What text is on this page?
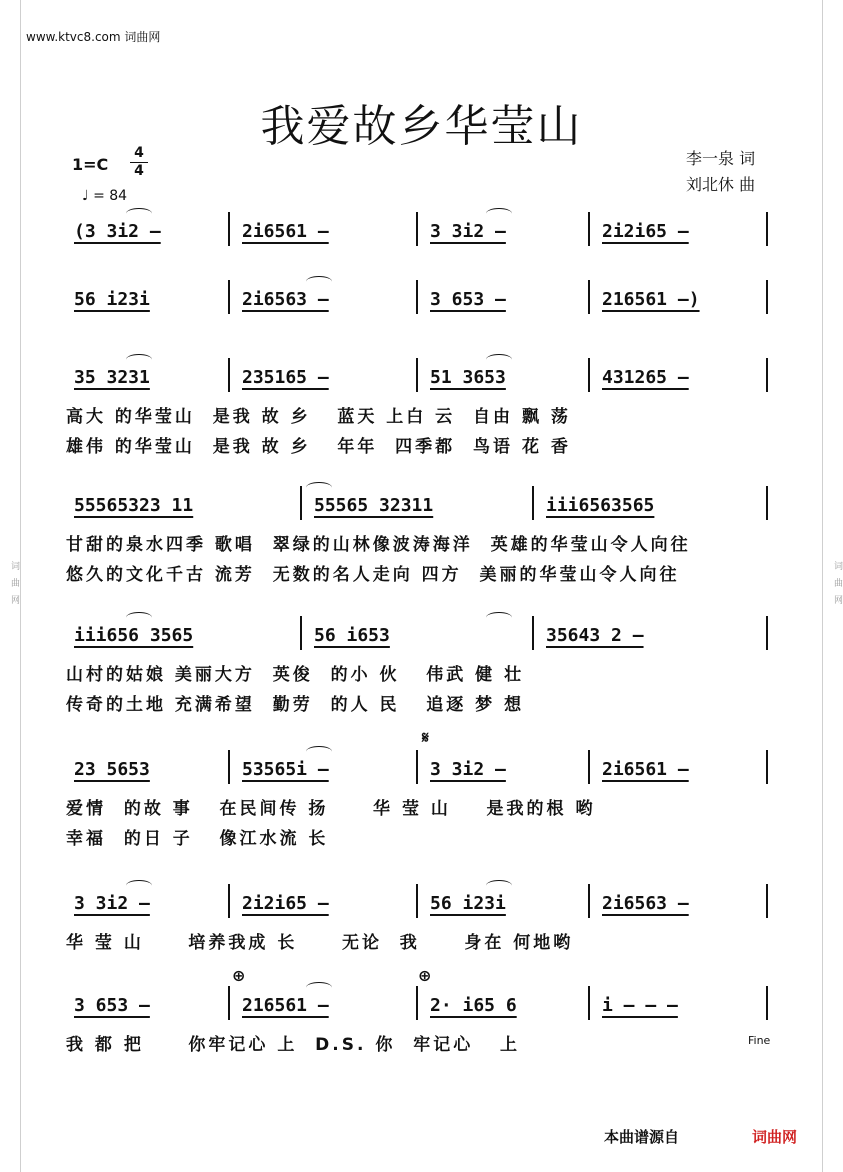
词曲网	词曲网
www.ktvc8.com 词曲网
我爱故乡华莹山
1=C
4
4
♩ = 84
李一泉 词
刘北休 曲
(3 3i2 –	2i6561 –	3 3i2 –	2i2i65 –
56 i23i	2i6563 –	3 653 –	216561 –)
35 3231	235165 –	51 3653	431265 –
高大 的华莹山  是我 故 乡   蓝天 上白 云  自由 飘 荡
雄伟 的华莹山  是我 故 乡   年年  四季都  鸟语 花 香
55565323 11	55565 32311	iii6563565
甘甜的泉水四季 歌唱  翠绿的山林像波涛海洋  英雄的华莹山令人向往
悠久的文化千古 流芳  无数的名人走向 四方  美丽的华莹山令人向往
iii656 3565	56 i653	35643 2 –
山村的姑娘 美丽大方  英俊  的小 伙   伟武 健 壮
传奇的土地 充满希望  勤劳  的人 民   追逐 梦 想
23 5653	53565i –	3 3i2 –	2i6561 –
爱情  的故 事   在民间传 扬     华 莹 山    是我的根 哟
幸福  的日 子   像江水流 长
𝄋
3 3i2 –	2i2i65 –	56 i23i	2i6563 –
华 莹 山     培养我成 长     无论  我     身在 何地哟
3 653 –	216561 –	2· i65 6	i – – –
我 都 把     你牢记心 上  D.S. 你  牢记心   上
⊕	⊕
Fine
本曲谱源自	词曲网
